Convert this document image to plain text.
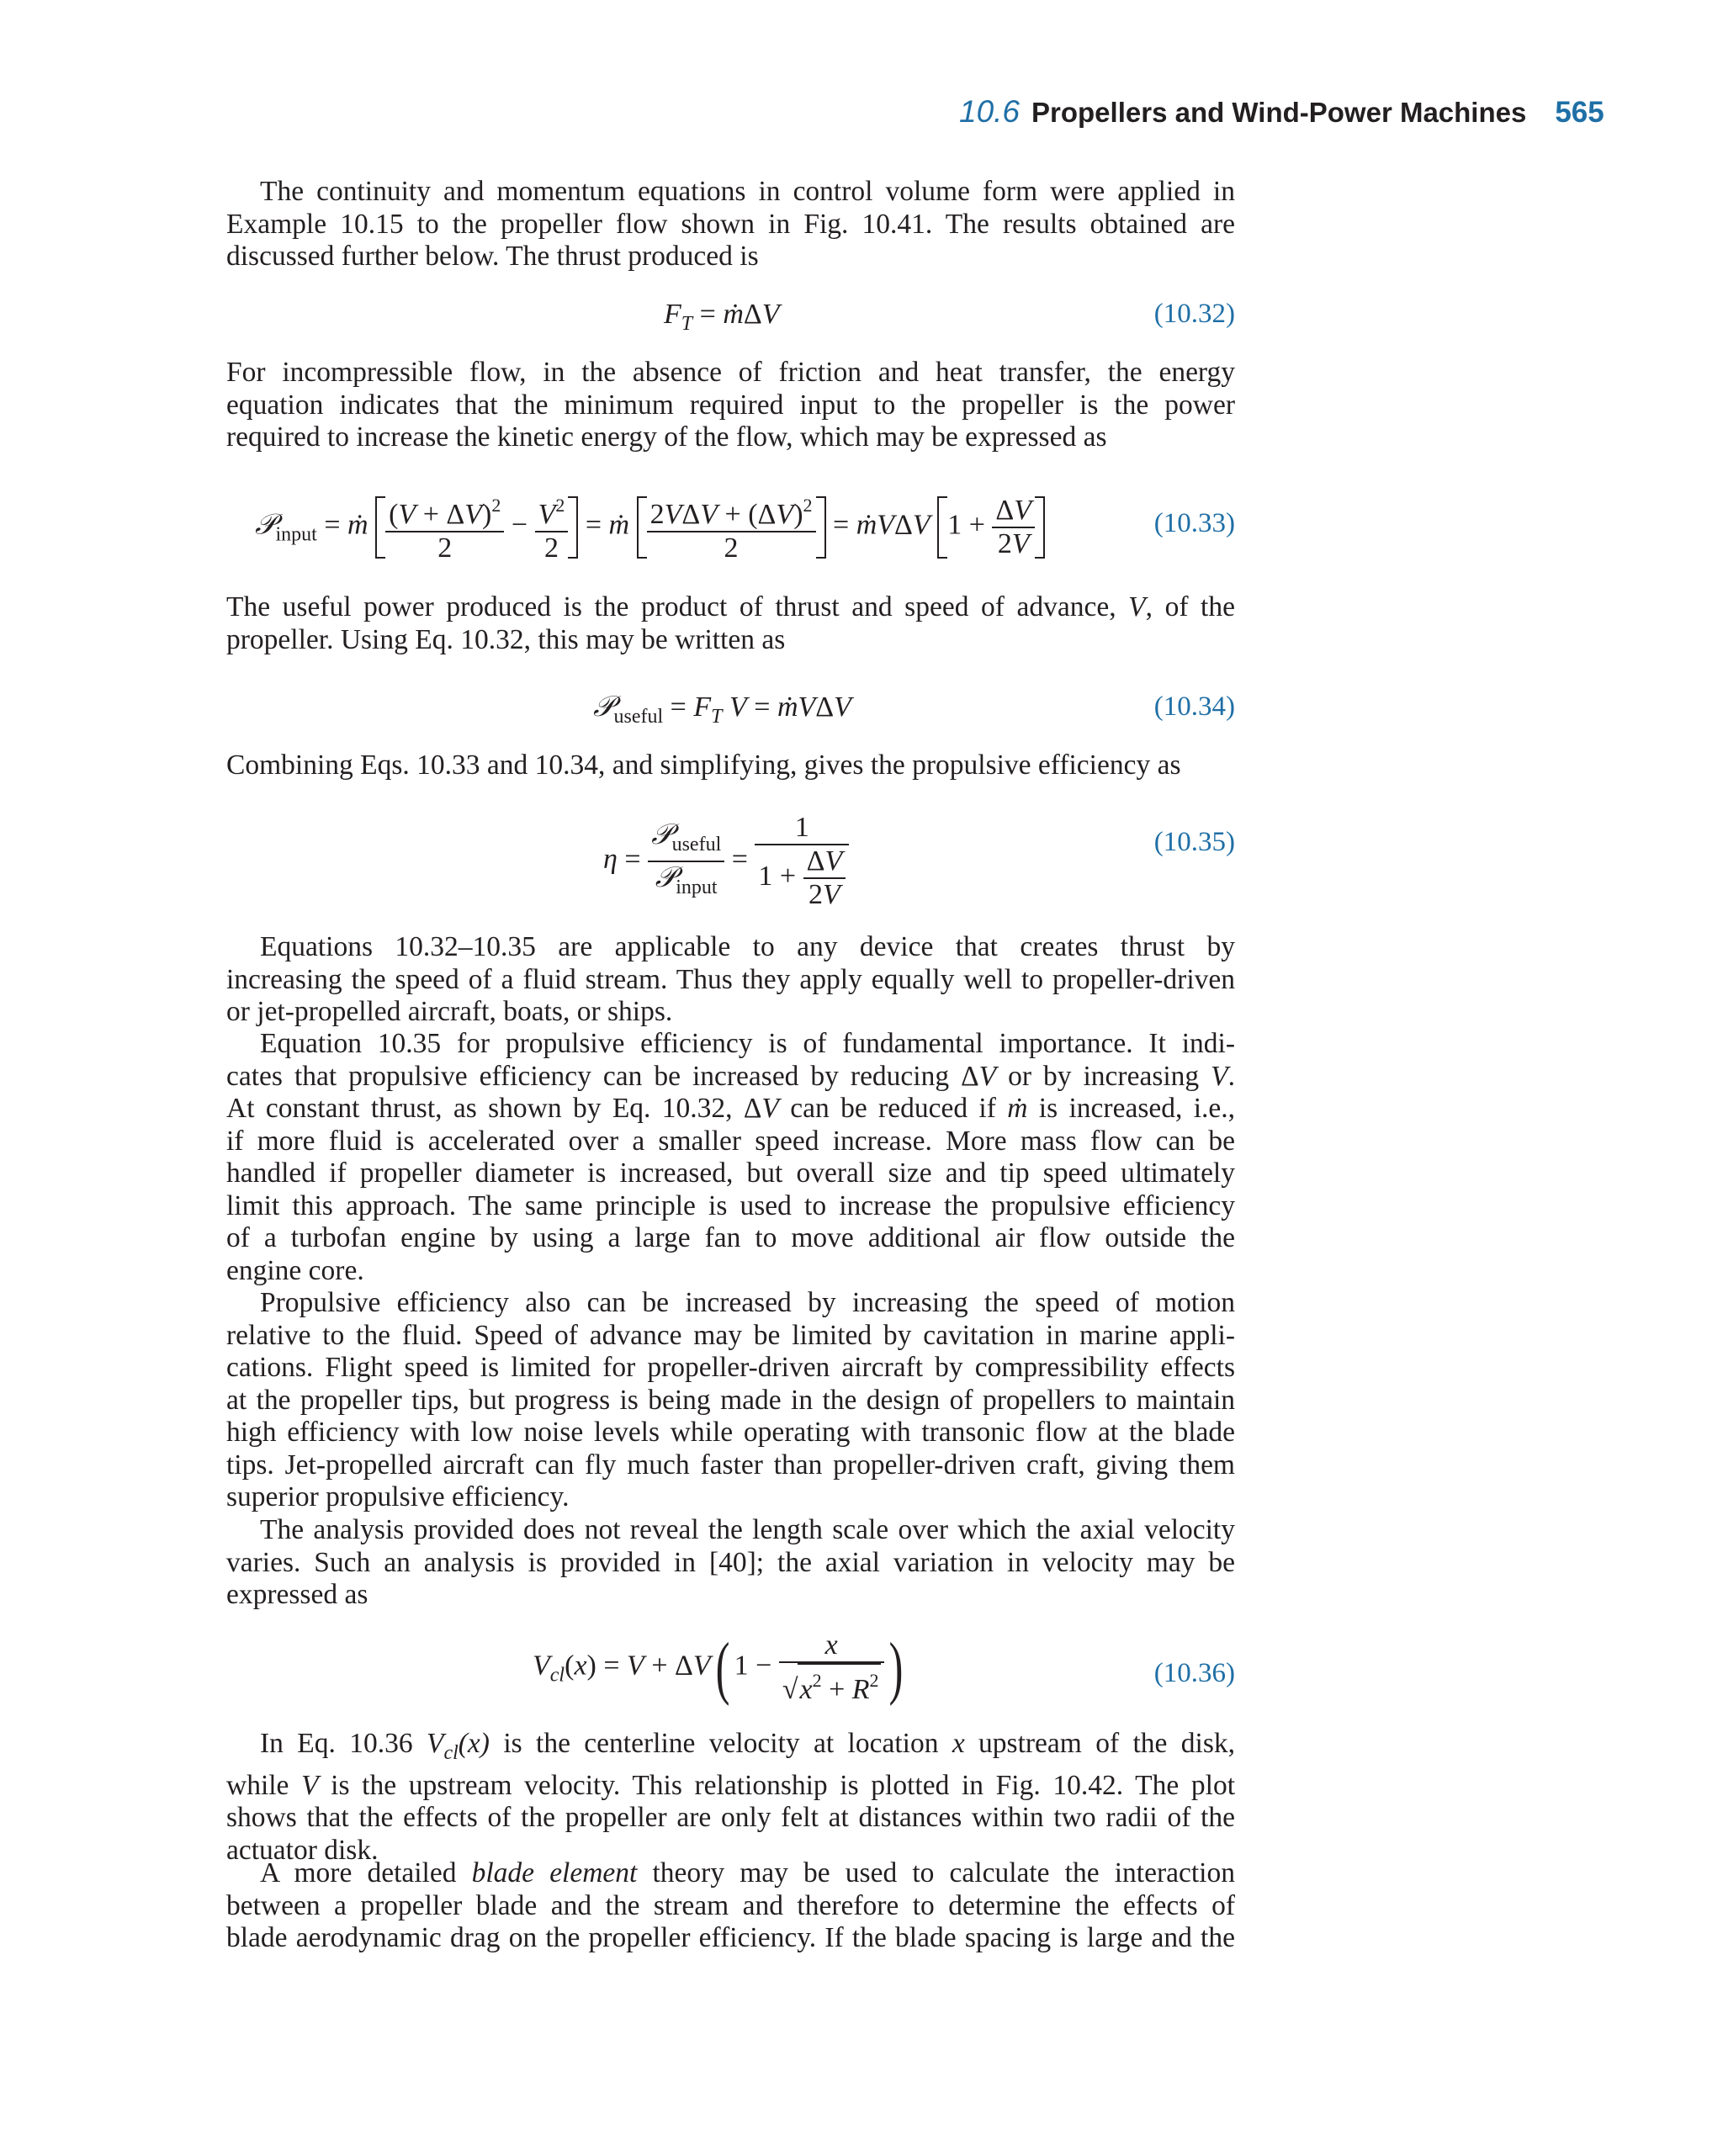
10.6 Propellers and Wind-Power Machines 565

The continuity and momentum equations in control volume form were applied in
Example 10.15 to the propeller flow shown in Fig. 10.41. The results obtained are
discussed further below. The thrust produced is

$F_T$ = ṁΔV	(10.32)

For incompressible flow, in the absence of friction and heat transfer, the energy
equation indicates that the minimum required input to the propeller is the power
required to increase the kinetic energy of the flow, which may be expressed as

𝒫$_{input}$ = ṁ $\frac{(V + \Delta V)^2}{2} - \frac{V^2}{2}$ = ṁ $\frac{2V\Delta V + (\Delta V)^2}{2}$ = ṁVΔV $1 + \frac{\Delta V}{2V}$	(10.33)

The useful power produced is the product of thrust and speed of advance, V, of the
propeller. Using Eq. 10.32, this may be written as

𝒫$_{useful}$ = $F_T$ V = ṁVΔV	(10.34)

Combining Eqs. 10.33 and 10.34, and simplifying, gives the propulsive efficiency as

$\eta = \frac{𝒫_{useful}}{𝒫_{input}} = \frac{1}{1 + \frac{\Delta V}{2V}}$	(10.35)

Equations 10.32–10.35 are applicable to any device that creates thrust by
increasing the speed of a fluid stream. Thus they apply equally well to propeller-driven
or jet-propelled aircraft, boats, or ships.

Equation 10.35 for propulsive efficiency is of fundamental importance. It indi-
cates that propulsive efficiency can be increased by reducing ΔV or by increasing V.
At constant thrust, as shown by Eq. 10.32, ΔV can be reduced if ṁ is increased, i.e.,
if more fluid is accelerated over a smaller speed increase. More mass flow can be
handled if propeller diameter is increased, but overall size and tip speed ultimately
limit this approach. The same principle is used to increase the propulsive efficiency
of a turbofan engine by using a large fan to move additional air flow outside the
engine core.

Propulsive efficiency also can be increased by increasing the speed of motion
relative to the fluid. Speed of advance may be limited by cavitation in marine appli-
cations. Flight speed is limited for propeller-driven aircraft by compressibility effects
at the propeller tips, but progress is being made in the design of propellers to maintain
high efficiency with low noise levels while operating with transonic flow at the blade
tips. Jet-propelled aircraft can fly much faster than propeller-driven craft, giving them
superior propulsive efficiency.

The analysis provided does not reveal the length scale over which the axial velocity
varies. Such an analysis is provided in [40]; the axial variation in velocity may be
expressed as

$V_{cl}(x) = V + \Delta V$( $1 - \frac{x}{√x^2 + R^2}$ )	(10.36)

In Eq. 10.36 $V_{cl}(x)$ is the centerline velocity at location x upstream of the disk,
while V is the upstream velocity. This relationship is plotted in Fig. 10.42. The plot
shows that the effects of the propeller are only felt at distances within two radii of the
actuator disk.

A more detailed blade element theory may be used to calculate the interaction
between a propeller blade and the stream and therefore to determine the effects of
blade aerodynamic drag on the propeller efficiency. If the blade spacing is large and the
